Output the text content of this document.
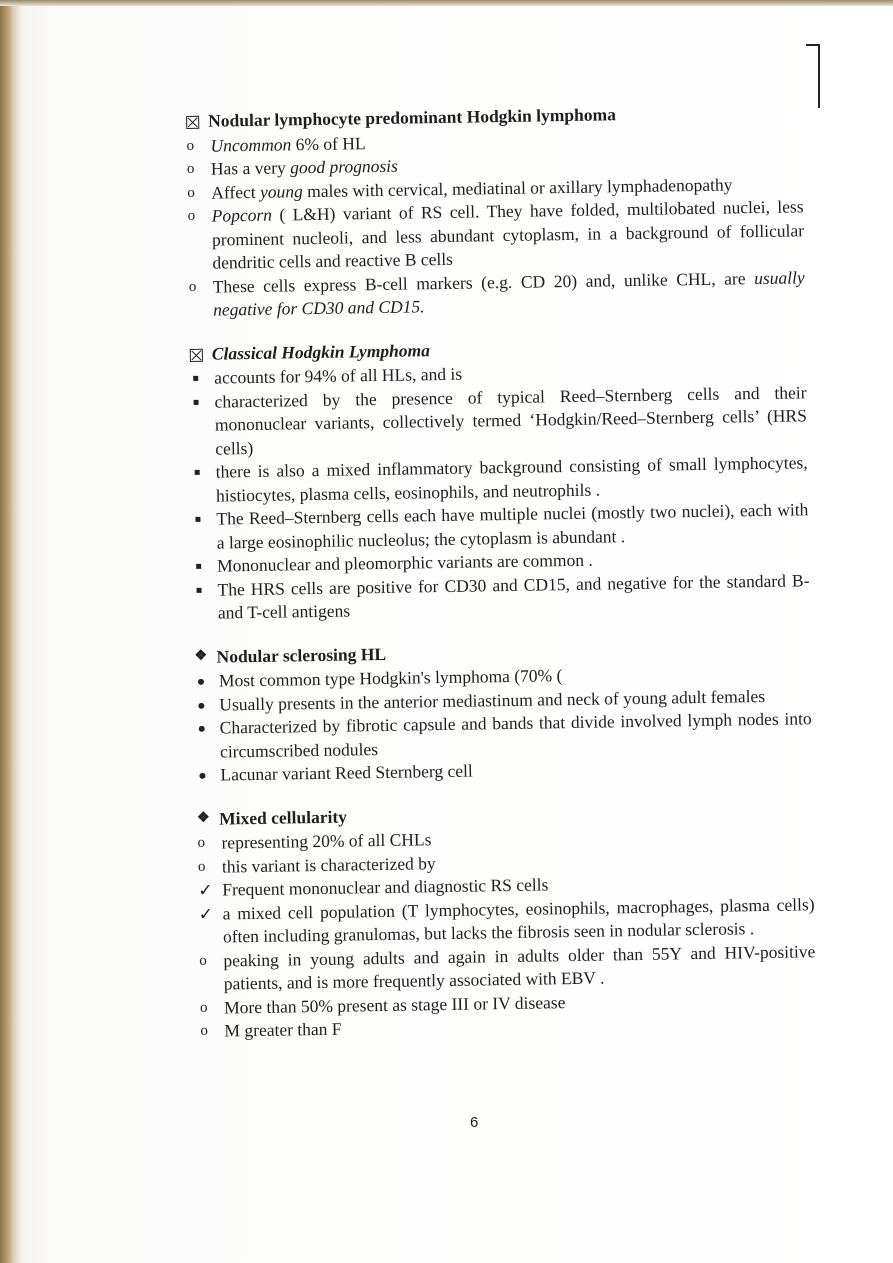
Nodular lymphocyte predominant Hodgkin lymphoma
o Uncommon 6% of HL
o Has a very good prognosis
o Affect young males with cervical, mediatinal or axillary lymphadenopathy
o Popcorn ( L&H) variant of RS cell. They have folded, multilobated nuclei, less prominent nucleoli, and less abundant cytoplasm, in a background of follicular dendritic cells and reactive B cells
o These cells express B-cell markers (e.g. CD 20) and, unlike CHL, are usually negative for CD30 and CD15.
Classical Hodgkin Lymphoma
accounts for 94% of all HLs, and is
characterized by the presence of typical Reed–Sternberg cells and their mononuclear variants, collectively termed ‘Hodgkin/Reed–Sternberg cells’ (HRS cells)
there is also a mixed inflammatory background consisting of small lymphocytes, histiocytes, plasma cells, eosinophils, and neutrophils .
The Reed–Sternberg cells each have multiple nuclei (mostly two nuclei), each with a large eosinophilic nucleolus; the cytoplasm is abundant .
Mononuclear and pleomorphic variants are common .
The HRS cells are positive for CD30 and CD15, and negative for the standard B- and T-cell antigens
❖ Nodular sclerosing HL
Most common type Hodgkin's lymphoma (70% (
Usually presents in the anterior mediastinum and neck of young adult females
Characterized by fibrotic capsule and bands that divide involved lymph nodes into circumscribed nodules
Lacunar variant Reed Sternberg cell
❖ Mixed cellularity
o representing 20% of all CHLs
o this variant is characterized by
✓ Frequent mononuclear and diagnostic RS cells
✓ a mixed cell population (T lymphocytes, eosinophils, macrophages, plasma cells) often including granulomas, but lacks the fibrosis seen in nodular sclerosis .
o peaking in young adults and again in adults older than 55Y and HIV-positive patients, and is more frequently associated with EBV .
o More than 50% present as stage III or IV disease
o M greater than F
6
